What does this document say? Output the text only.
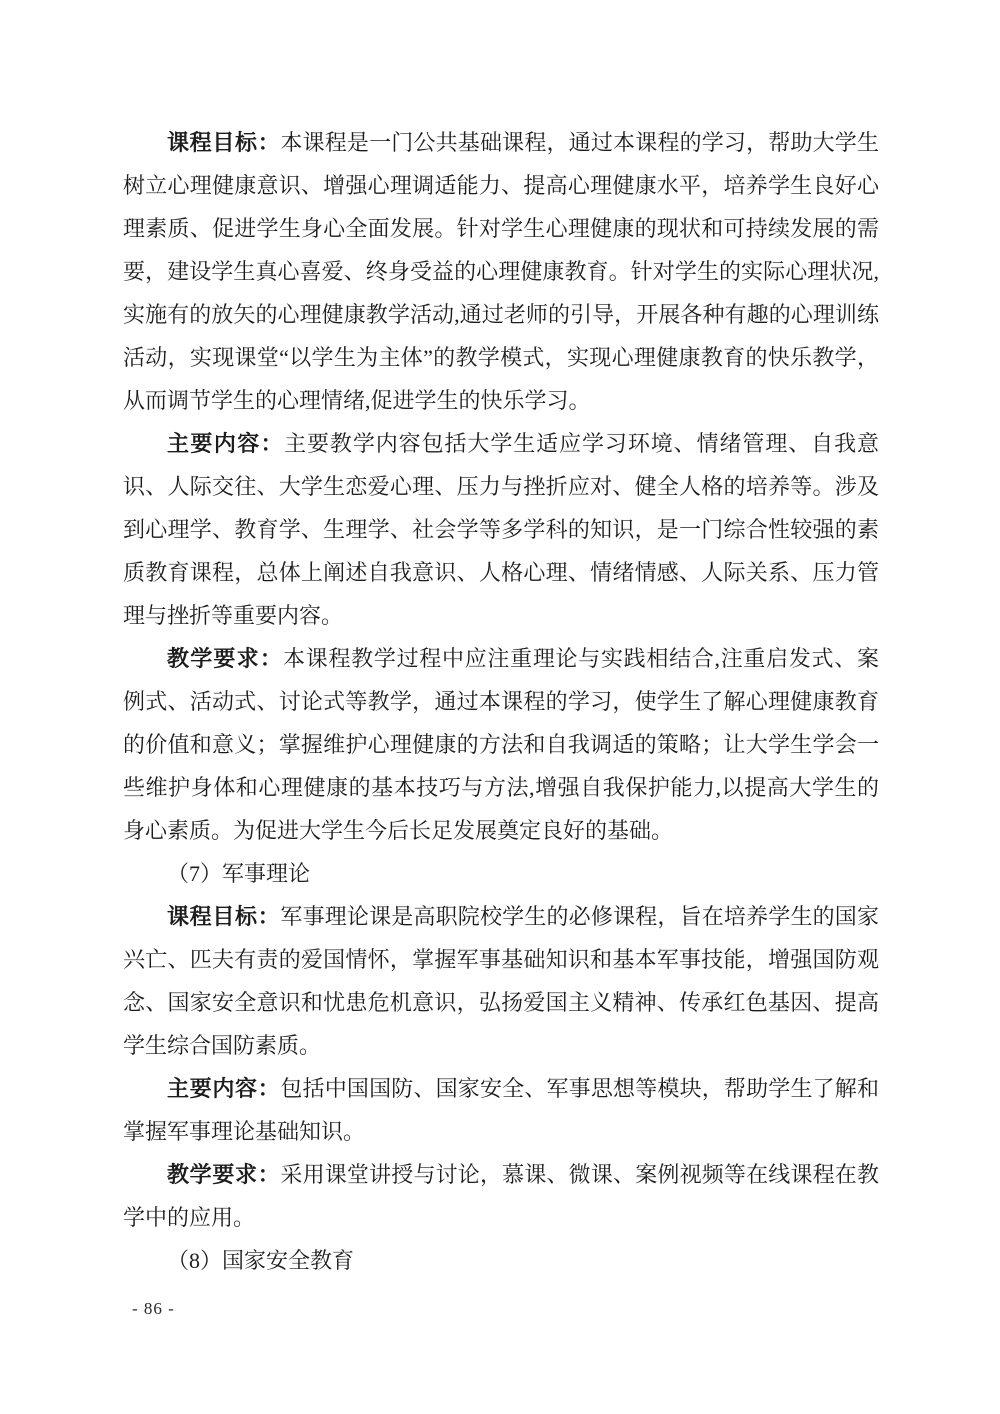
课程目标：本课程是一门公共基础课程，通过本课程的学习，帮助大学生树立心理健康意识、增强心理调适能力、提高心理健康水平，培养学生良好心理素质、促进学生身心全面发展。针对学生心理健康的现状和可持续发展的需要，建设学生真心喜爱、终身受益的心理健康教育。针对学生的实际心理状况,实施有的放矢的心理健康教学活动,通过老师的引导，开展各种有趣的心理训练活动，实现课堂“以学生为主体”的教学模式，实现心理健康教育的快乐教学，从而调节学生的心理情绪,促进学生的快乐学习。

主要内容：主要教学内容包括大学生适应学习环境、情绪管理、自我意识、人际交往、大学生恋爱心理、压力与挫折应对、健全人格的培养等。涉及到心理学、教育学、生理学、社会学等多学科的知识，是一门综合性较强的素质教育课程，总体上阐述自我意识、人格心理、情绪情感、人际关系、压力管理与挫折等重要内容。

教学要求：本课程教学过程中应注重理论与实践相结合,注重启发式、案例式、活动式、讨论式等教学，通过本课程的学习，使学生了解心理健康教育的价值和意义；掌握维护心理健康的方法和自我调适的策略；让大学生学会一些维护身体和心理健康的基本技巧与方法,增强自我保护能力,以提高大学生的身心素质。为促进大学生今后长足发展奠定良好的基础。

（7）军事理论

课程目标：军事理论课是高职院校学生的必修课程，旨在培养学生的国家兴亡、匹夫有责的爱国情怀，掌握军事基础知识和基本军事技能，增强国防观念、国家安全意识和忧患危机意识，弘扬爱国主义精神、传承红色基因、提高学生综合国防素质。

主要内容：包括中国国防、国家安全、军事思想等模块，帮助学生了解和掌握军事理论基础知识。

教学要求：采用课堂讲授与讨论，慕课、微课、案例视频等在线课程在教学中的应用。

（8）国家安全教育

- 86 -
